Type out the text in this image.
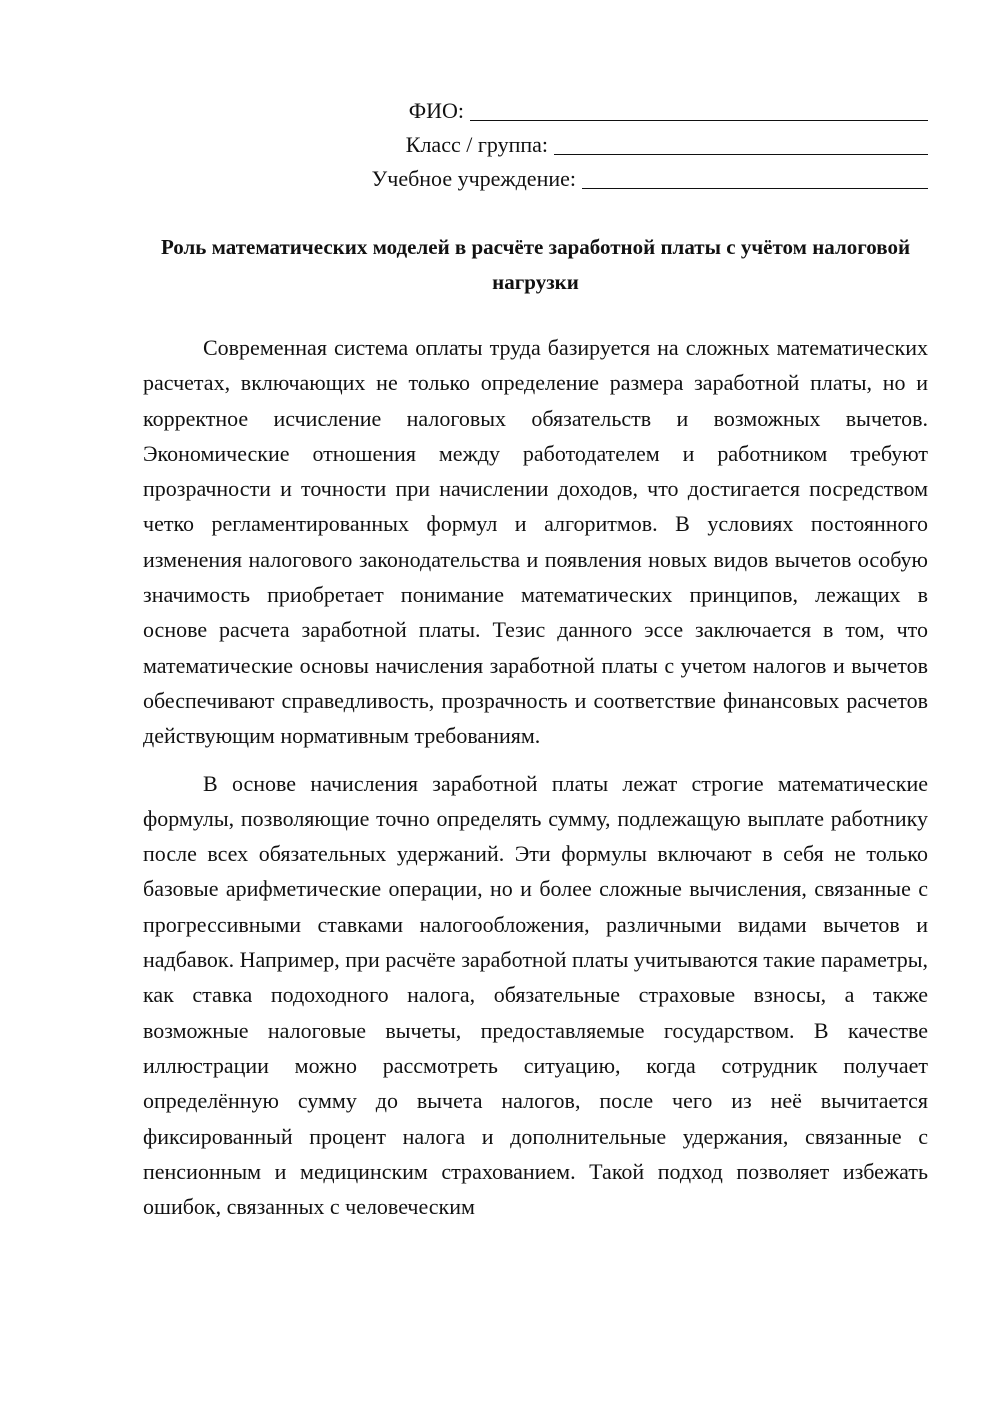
ФИО:
Класс / группа:
Учебное учреждение:
Роль математических моделей в расчёте заработной платы с учётом налоговой нагрузки

Современная система оплаты труда базируется на сложных математических расчетах, включающих не только определение размера заработной платы, но и корректное исчисление налоговых обязательств и возможных вычетов. Экономические отношения между работодателем и работником требуют прозрачности и точности при начислении доходов, что достигается посредством четко регламентированных формул и алгоритмов. В условиях постоянного изменения налогового законодательства и появления новых видов вычетов особую значимость приобретает понимание математических принципов, лежащих в основе расчета заработной платы. Тезис данного эссе заключается в том, что математические основы начисления заработной платы с учетом налогов и вычетов обеспечивают справедливость, прозрачность и соответствие финансовых расчетов действующим нормативным требованиям.

В основе начисления заработной платы лежат строгие математические формулы, позволяющие точно определять сумму, подлежащую выплате работнику после всех обязательных удержаний. Эти формулы включают в себя не только базовые арифметические операции, но и более сложные вычисления, связанные с прогрессивными ставками налогообложения, различными видами вычетов и надбавок. Например, при расчёте заработной платы учитываются такие параметры, как ставка подоходного налога, обязательные страховые взносы, а также возможные налоговые вычеты, предоставляемые государством. В качестве иллюстрации можно рассмотреть ситуацию, когда сотрудник получает определённую сумму до вычета налогов, после чего из неё вычитается фиксированный процент налога и дополнительные удержания, связанные с пенсионным и медицинским страхованием. Такой подход позволяет избежать ошибок, связанных с человеческим
